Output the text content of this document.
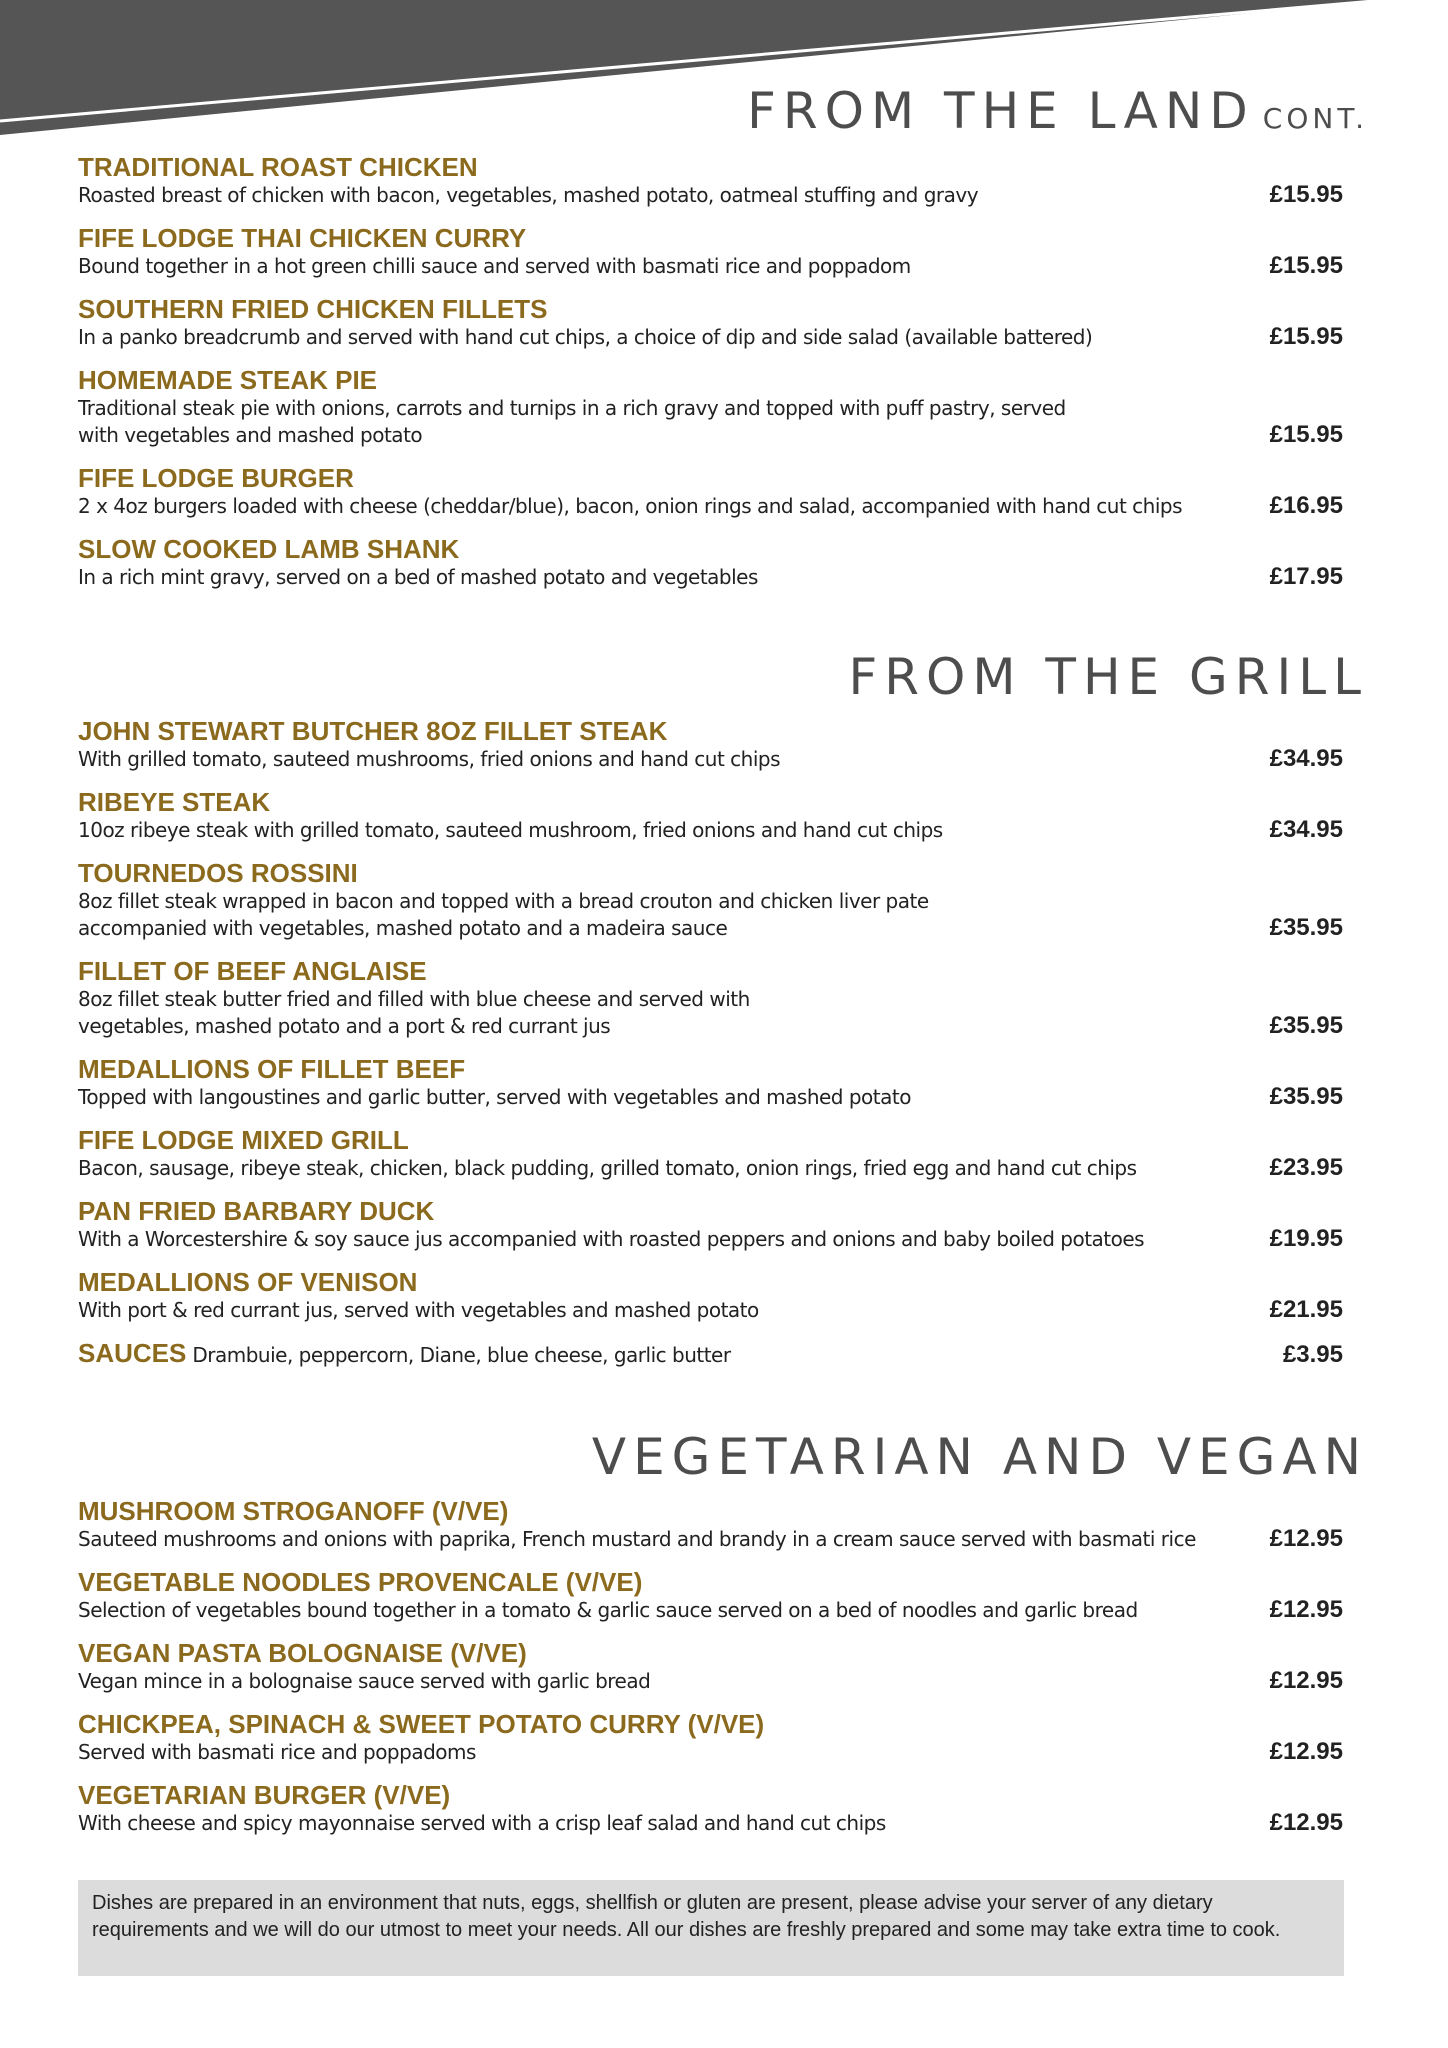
FROM THE LAND CONT.
TRADITIONAL ROAST CHICKEN
Roasted breast of chicken with bacon, vegetables, mashed potato, oatmeal stuffing and gravy	£15.95
FIFE LODGE THAI CHICKEN CURRY
Bound together in a hot green chilli sauce and served with basmati rice and poppadom	£15.95
SOUTHERN FRIED CHICKEN FILLETS
In a panko breadcrumb and served with hand cut chips, a choice of dip and side salad (available battered)	£15.95
HOMEMADE STEAK PIE
Traditional steak pie with onions, carrots and turnips in a rich gravy and topped with puff pastry, served with vegetables and mashed potato	£15.95
FIFE LODGE BURGER
2 x 4oz burgers loaded with cheese (cheddar/blue), bacon, onion rings and salad, accompanied with hand cut chips	£16.95
SLOW COOKED LAMB SHANK
In a rich mint gravy, served on a bed of mashed potato and vegetables	£17.95
FROM THE GRILL
JOHN STEWART BUTCHER 8OZ FILLET STEAK
With grilled tomato, sauteed mushrooms, fried onions and hand cut chips	£34.95
RIBEYE STEAK
10oz ribeye steak with grilled tomato, sauteed mushroom, fried onions and hand cut chips	£34.95
TOURNEDOS ROSSINI
8oz fillet steak wrapped in bacon and topped with a bread crouton and chicken liver pate accompanied with vegetables, mashed potato and a madeira sauce	£35.95
FILLET OF BEEF ANGLAISE
8oz fillet steak butter fried and filled with blue cheese and served with vegetables, mashed potato and a port & red currant jus	£35.95
MEDALLIONS OF FILLET BEEF
Topped with langoustines and garlic butter, served with vegetables and mashed potato	£35.95
FIFE LODGE MIXED GRILL
Bacon, sausage, ribeye steak, chicken, black pudding, grilled tomato, onion rings, fried egg and hand cut chips	£23.95
PAN FRIED BARBARY DUCK
With a Worcestershire & soy sauce jus accompanied with roasted peppers and onions and baby boiled potatoes	£19.95
MEDALLIONS OF VENISON
With port & red currant jus, served with vegetables and mashed potato	£21.95
SAUCES Drambuie, peppercorn, Diane, blue cheese, garlic butter	£3.95
VEGETARIAN AND VEGAN
MUSHROOM STROGANOFF (V/VE)
Sauteed mushrooms and onions with paprika, French mustard and brandy in a cream sauce served with basmati rice	£12.95
VEGETABLE NOODLES PROVENCALE (V/VE)
Selection of vegetables bound together in a tomato & garlic sauce served on a bed of noodles and garlic bread	£12.95
VEGAN PASTA BOLOGNAISE (V/VE)
Vegan mince in a bolognaise sauce served with garlic bread	£12.95
CHICKPEA, SPINACH & SWEET POTATO CURRY (V/VE)
Served with basmati rice and poppadoms	£12.95
VEGETARIAN BURGER (V/VE)
With cheese and spicy mayonnaise served with a crisp leaf salad and hand cut chips	£12.95
Dishes are prepared in an environment that nuts, eggs, shellfish or gluten are present, please advise your server of any dietary requirements and we will do our utmost to meet your needs. All our dishes are freshly prepared and some may take extra time to cook.
